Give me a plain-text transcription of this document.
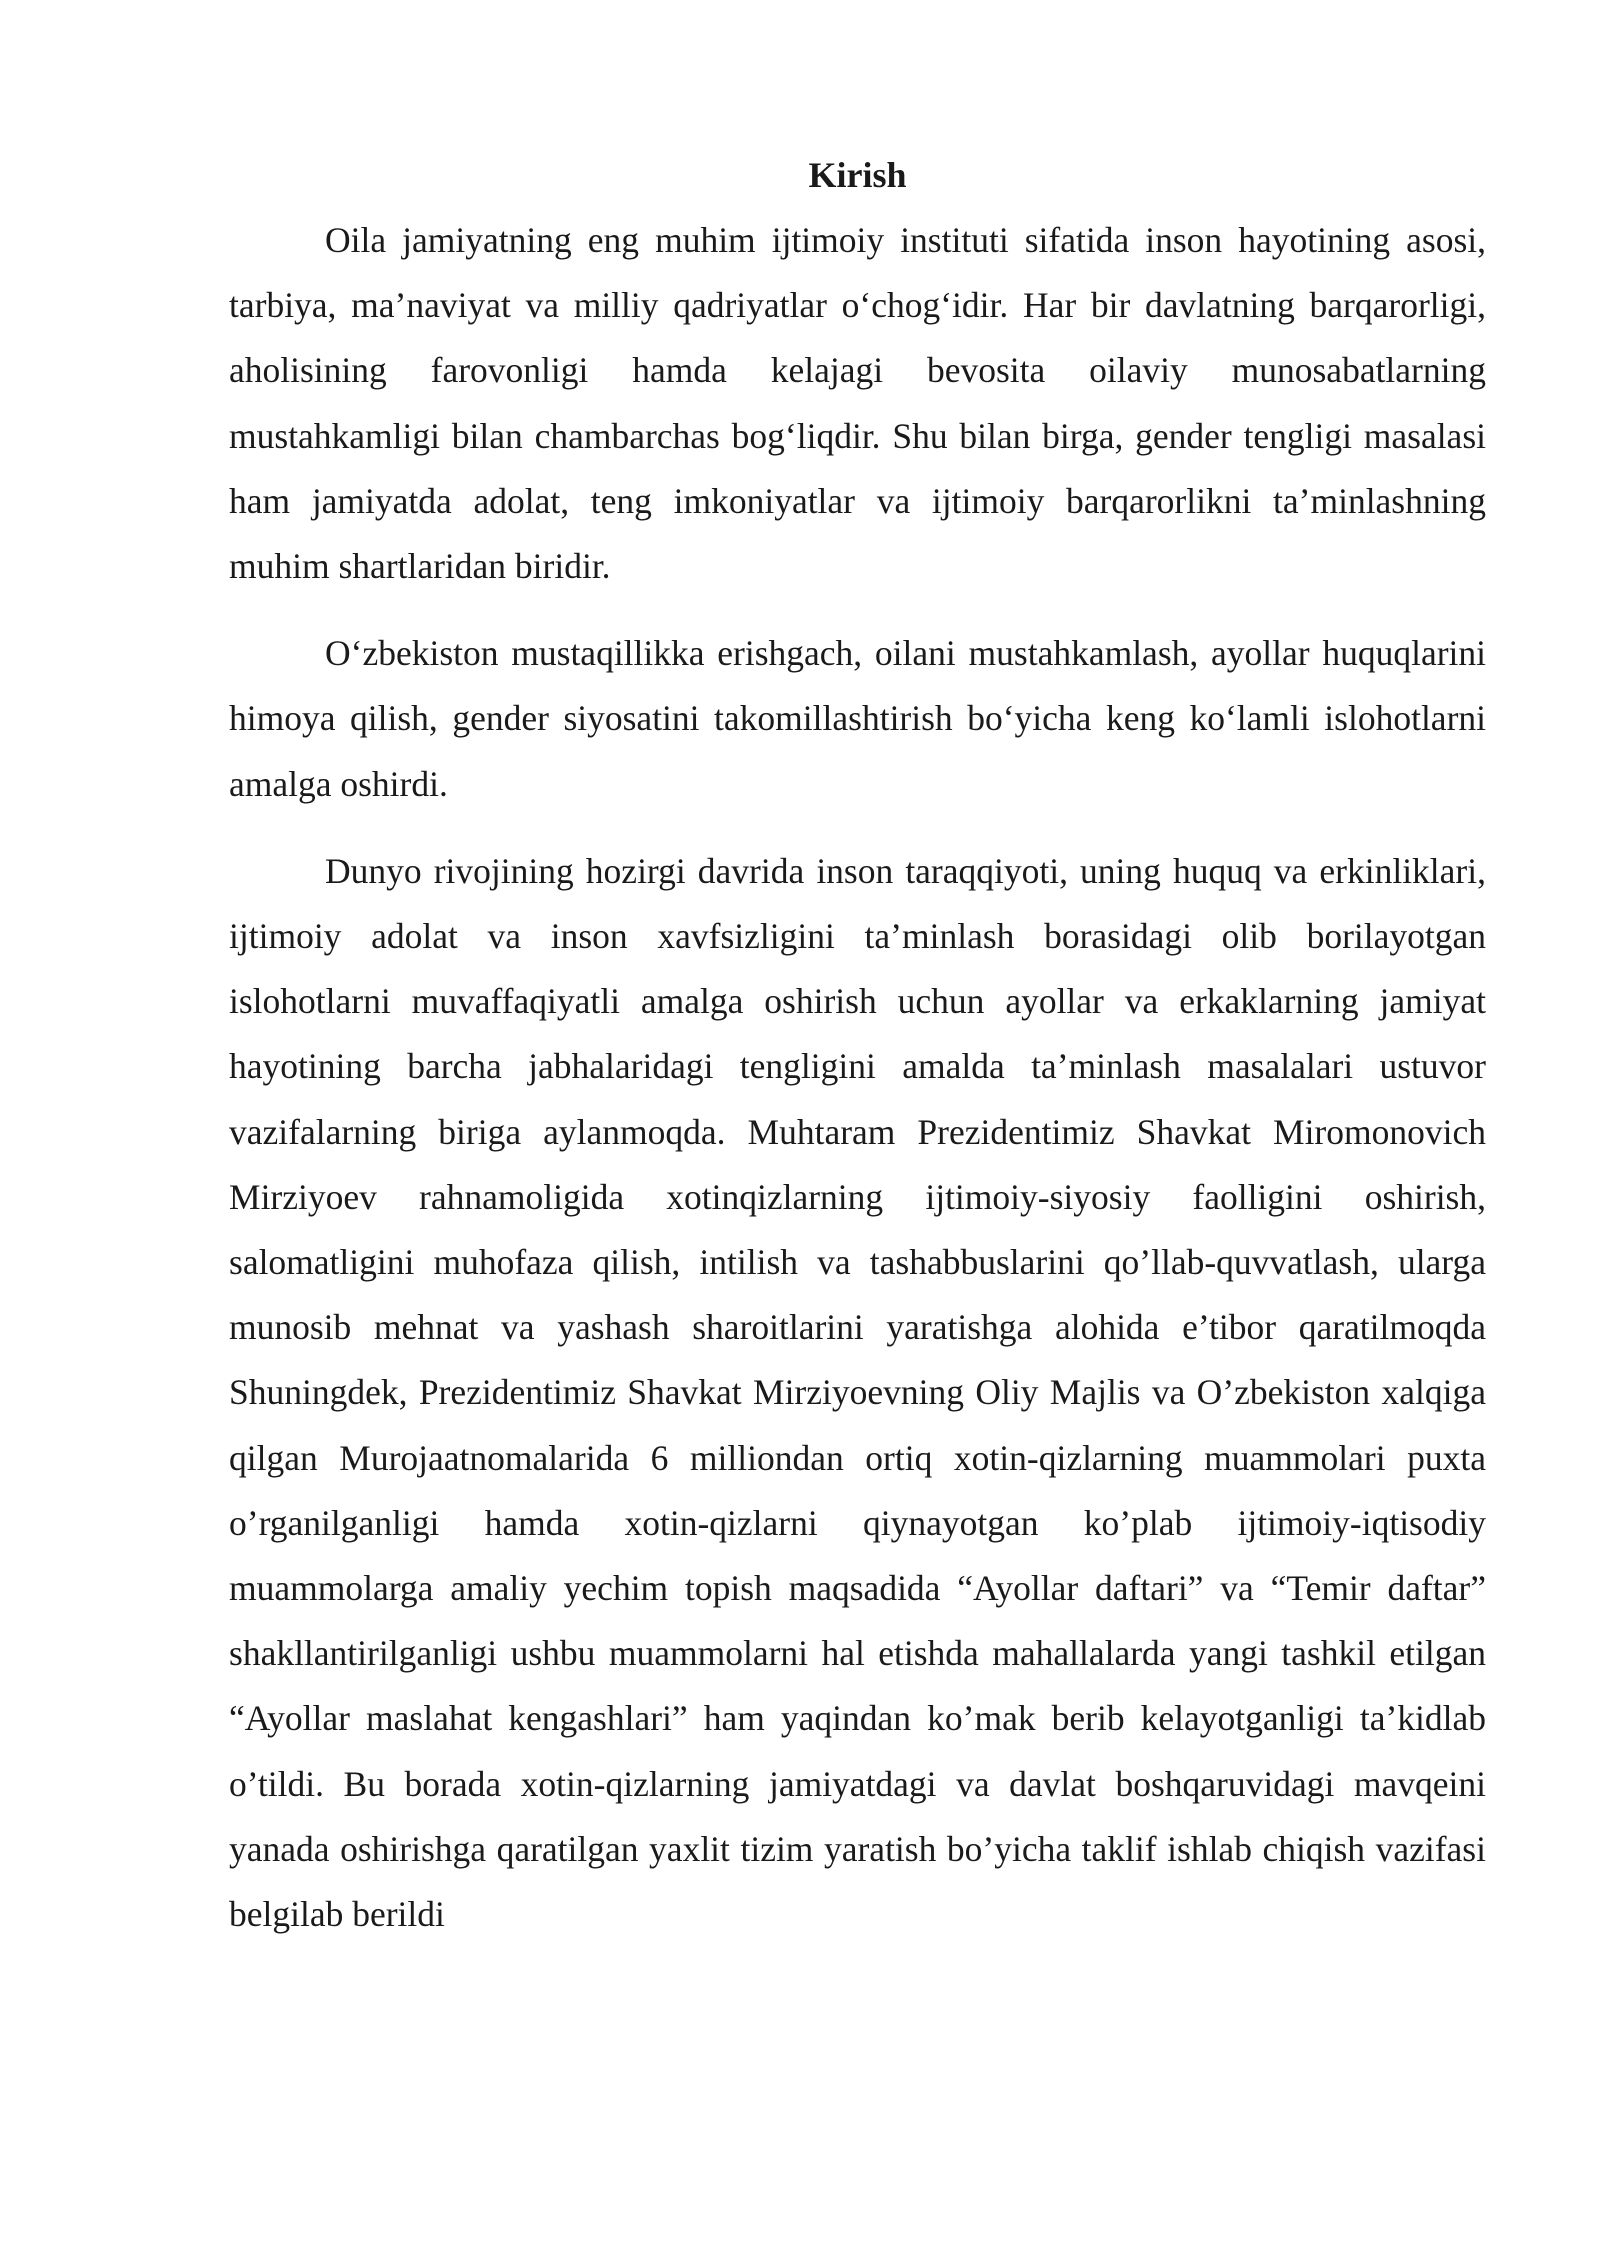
Kirish

Oila jamiyatning eng muhim ijtimoiy instituti sifatida inson hayotining asosi, tarbiya, ma’naviyat va milliy qadriyatlar o‘chog‘idir. Har bir davlatning barqarorligi, aholisining farovonligi hamda kelajagi bevosita oilaviy munosabatlarning mustahkamligi bilan chambarchas bog‘liqdir. Shu bilan birga, gender tengligi masalasi ham jamiyatda adolat, teng imkoniyatlar va ijtimoiy barqarorlikni ta’minlashning muhim shartlaridan biridir.

O‘zbekiston mustaqillikka erishgach, oilani mustahkamlash, ayollar huquqlarini himoya qilish, gender siyosatini takomillashtirish bo‘yicha keng ko‘lamli islohotlarni amalga oshirdi.

Dunyo rivojining hozirgi davrida inson taraqqiyoti, uning huquq va erkinliklari, ijtimoiy adolat va inson xavfsizligini ta’minlash borasidagi olib borilayotgan islohotlarni muvaffaqiyatli amalga oshirish uchun ayollar va erkaklarning jamiyat hayotining barcha jabhalaridagi tengligini amalda ta’minlash masalalari ustuvor vazifalarning biriga aylanmoqda. Muhtaram Prezidentimiz Shavkat Miromonovich Mirziyoev rahnamoligida xotinqizlarning ijtimoiy-siyosiy faolligini oshirish, salomatligini muhofaza qilish, intilish va tashabbuslarini qo’llab-quvvatlash, ularga munosib mehnat va yashash sharoitlarini yaratishga alohida e’tibor qaratilmoqda Shuningdek, Prezidentimiz Shavkat Mirziyoevning Oliy Majlis va O’zbekiston xalqiga qilgan Murojaatnomalarida 6 milliondan ortiq xotin-qizlarning muammolari puxta o’rganilganligi hamda xotin-qizlarni qiynayotgan ko’plab ijtimoiy-iqtisodiy muammolarga amaliy yechim topish maqsadida “Ayollar daftari” va “Temir daftar” shakllantirilganligi ushbu muammolarni hal etishda mahallalarda yangi tashkil etilgan “Ayollar maslahat kengashlari” ham yaqindan ko’mak berib kelayotganligi ta’kidlab o’tildi. Bu borada xotin-qizlarning jamiyatdagi va davlat boshqaruvidagi mavqeini yanada oshirishga qaratilgan yaxlit tizim yaratish bo’yicha taklif ishlab chiqish vazifasi belgilab berildi
